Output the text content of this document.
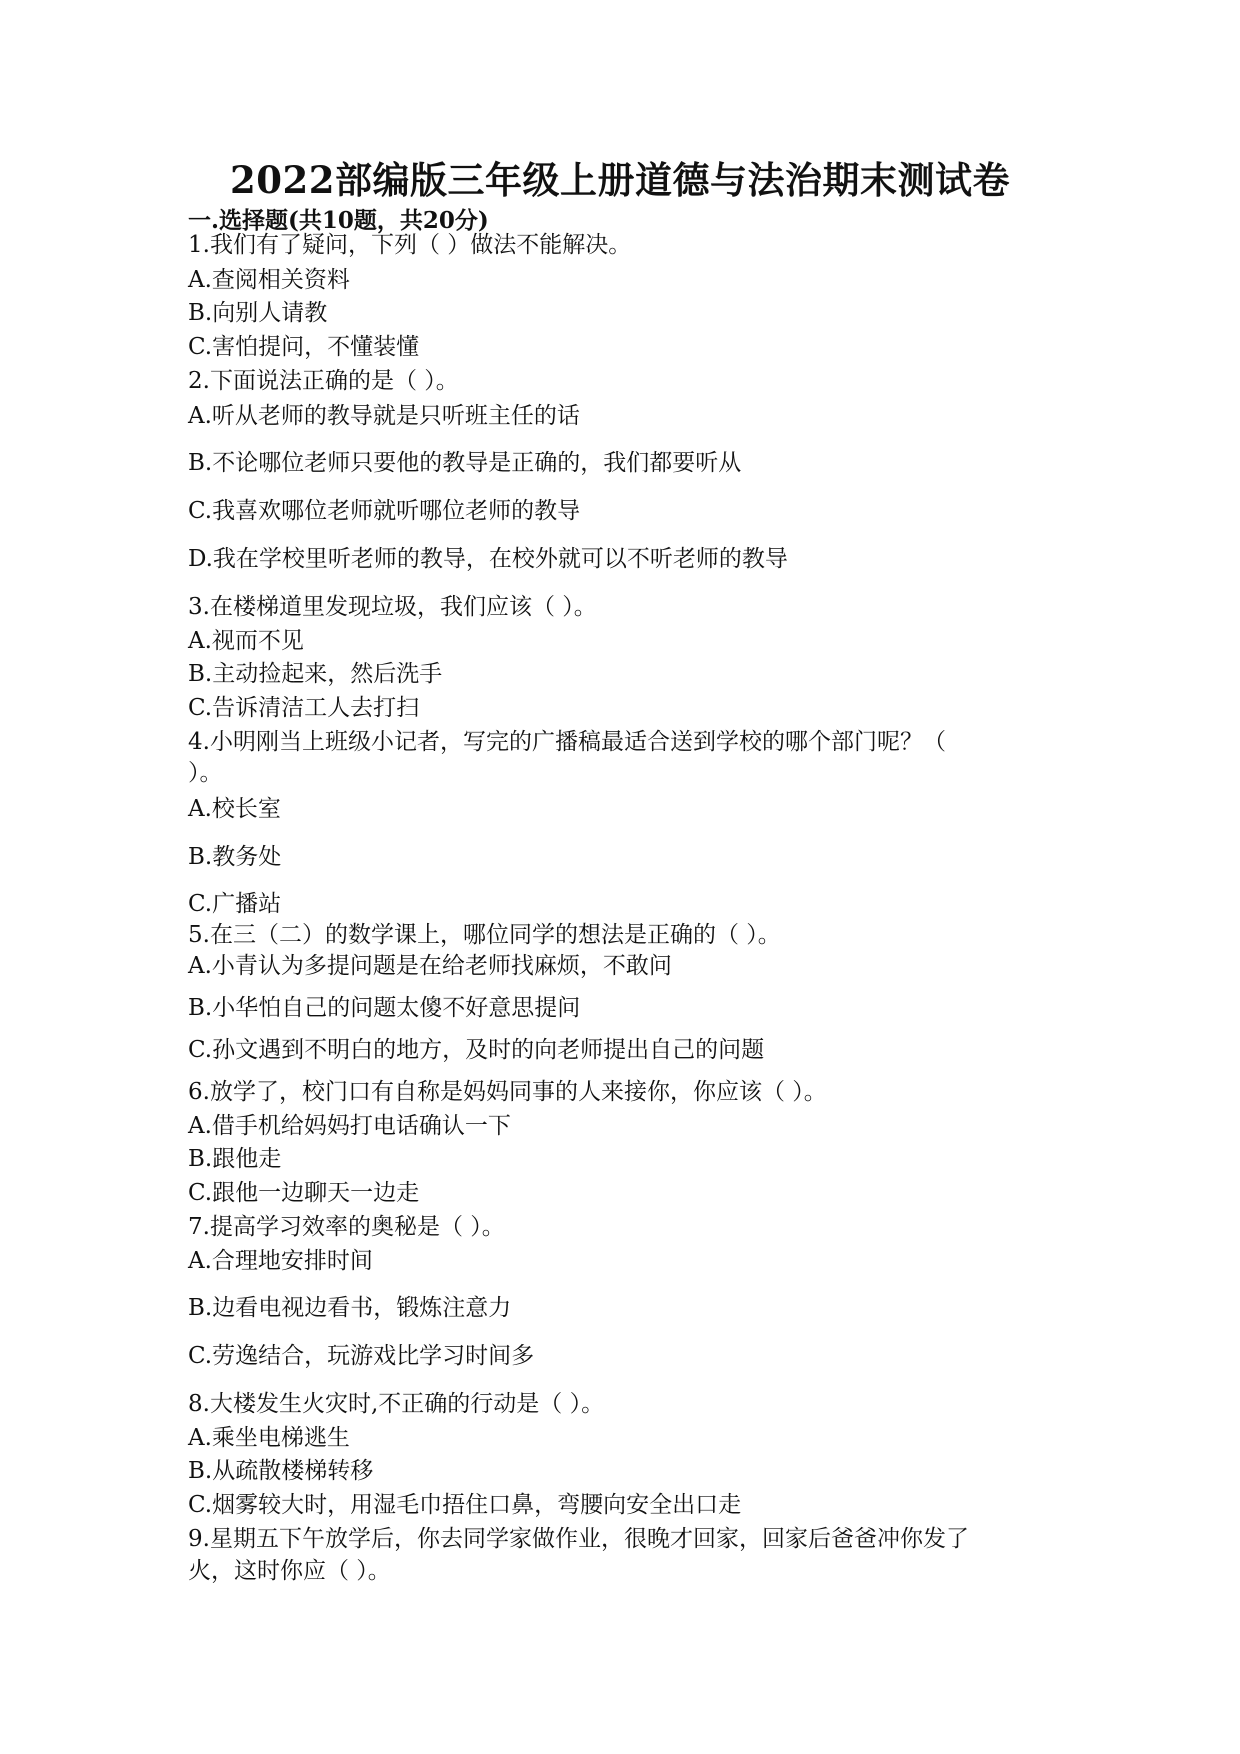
2022部编版三年级上册道德与法治期末测试卷
一.选择题(共10题，共20分)
1.我们有了疑问，下列（ ）做法不能解决。
A.查阅相关资料
B.向别人请教
C.害怕提问，不懂装懂
2.下面说法正确的是（ ）。
A.听从老师的教导就是只听班主任的话
B.不论哪位老师只要他的教导是正确的，我们都要听从
C.我喜欢哪位老师就听哪位老师的教导
D.我在学校里听老师的教导，在校外就可以不听老师的教导
3.在楼梯道里发现垃圾，我们应该（ ）。
A.视而不见
B.主动捡起来，然后洗手
C.告诉清洁工人去打扫
4.小明刚当上班级小记者，写完的广播稿最适合送到学校的哪个部门呢？（
）。
A.校长室
B.教务处
C.广播站
5.在三（二）的数学课上，哪位同学的想法是正确的（ ）。
A.小青认为多提问题是在给老师找麻烦，不敢问
B.小华怕自己的问题太傻不好意思提问
C.孙文遇到不明白的地方，及时的向老师提出自己的问题
6.放学了，校门口有自称是妈妈同事的人来接你，你应该（ ）。
A.借手机给妈妈打电话确认一下
B.跟他走
C.跟他一边聊天一边走
7.提高学习效率的奥秘是（ ）。
A.合理地安排时间
B.边看电视边看书，锻炼注意力
C.劳逸结合，玩游戏比学习时间多
8.大楼发生火灾时,不正确的行动是（ ）。
A.乘坐电梯逃生
B.从疏散楼梯转移
C.烟雾较大时，用湿毛巾捂住口鼻，弯腰向安全出口走
9.星期五下午放学后，你去同学家做作业，很晚才回家，回家后爸爸冲你发了
火，这时你应（ ）。
